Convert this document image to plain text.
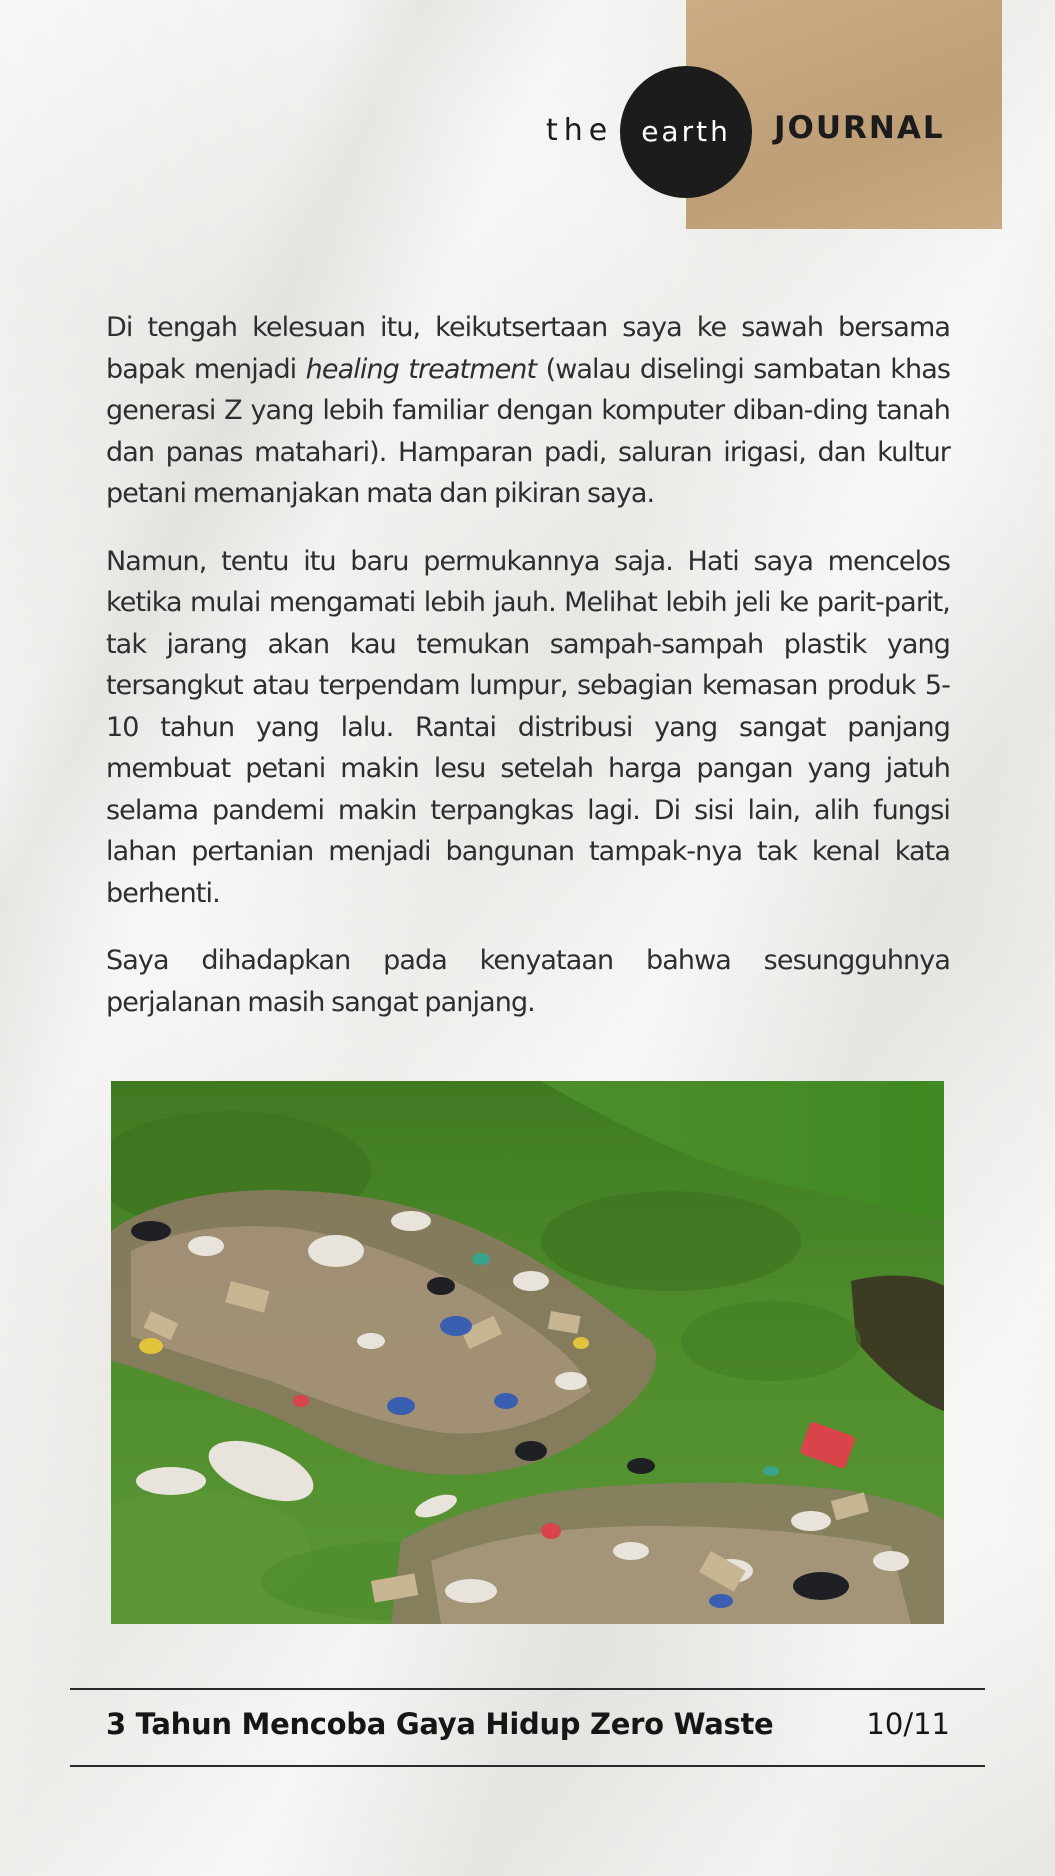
the earth JOURNAL

Di tengah kelesuan itu, keikutsertaan saya ke sawah bersama bapak menjadi healing treatment (walau diselingi sambatan khas generasi Z yang lebih familiar dengan komputer diban-ding tanah dan panas matahari). Hamparan padi, saluran irigasi, dan kultur petani memanjakan mata dan pikiran saya.

Namun, tentu itu baru permukannya saja. Hati saya mencelos ketika mulai mengamati lebih jauh. Melihat lebih jeli ke parit-parit, tak jarang akan kau temukan sampah-sampah plastik yang tersangkut atau terpendam lumpur, sebagian kemasan produk 5-10 tahun yang lalu. Rantai distribusi yang sangat panjang membuat petani makin lesu setelah harga pangan yang jatuh selama pandemi makin terpangkas lagi. Di sisi lain, alih fungsi lahan pertanian menjadi bangunan tampak-nya tak kenal kata berhenti.

Saya dihadapkan pada kenyataan bahwa sesungguhnya perjalanan masih sangat panjang.

3 Tahun Mencoba Gaya Hidup Zero Waste	10/11
